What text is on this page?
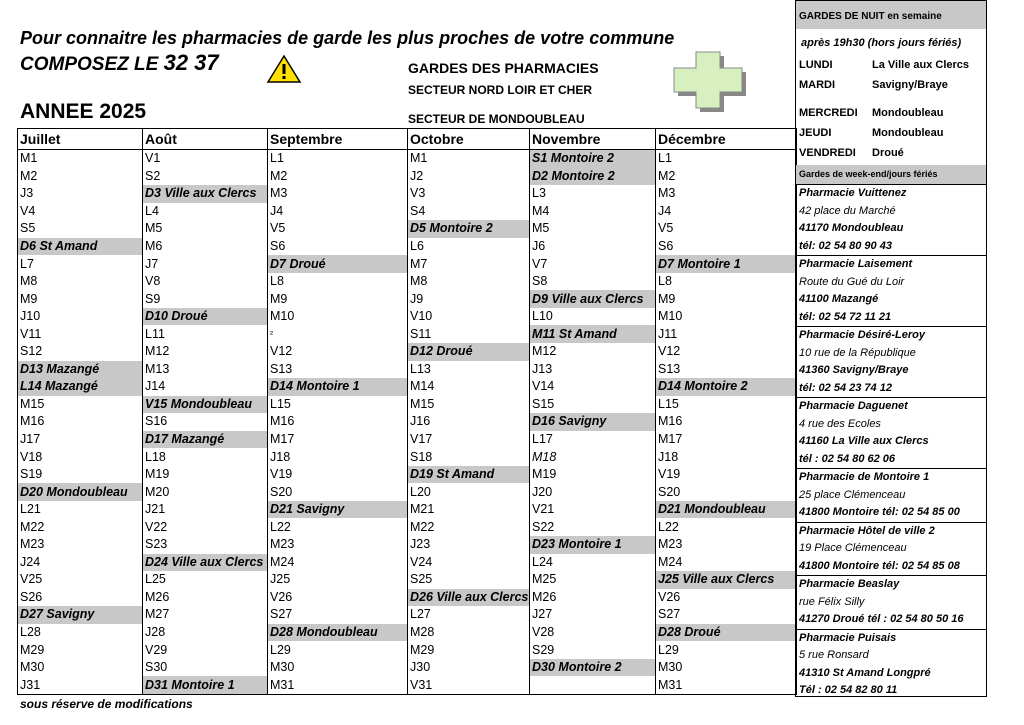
Pour connaitre les pharmacies de garde les plus proches de votre commune
COMPOSEZ LE 32 37	GARDES DES PHARMACIES
SECTEUR NORD LOIR ET CHER
SECTEUR DE MONDOUBLEAU
ANNEE 2025
Juillet	Août	Septembre	Octobre	Novembre	Décembre
M1	V1	L1	M1	S1 Montoire 2	L1
M2	S2	M2	J2	D2 Montoire 2	M2
J3	D3 Ville aux Clercs	M3	V3	L3	M3
V4	L4	J4	S4	M4	J4
S5	M5	V5	D5 Montoire 2	M5	V5
D6 St Amand	M6	S6	L6	J6	S6
L7	J7	D7 Droué	M7	V7	D7 Montoire 1
M8	V8	L8	M8	S8	L8
M9	S9	M9	J9	D9 Ville aux Clercs	M9
J10	D10 Droué	M10	V10	L10	M10
V11	L11	²	S11	M11 St Amand	J11
S12	M12	V12	D12 Droué	M12	V12
D13 Mazangé	M13	S13	L13	J13	S13
L14 Mazangé	J14	D14 Montoire 1	M14	V14	D14 Montoire 2
M15	V15 Mondoubleau	L15	M15	S15	L15
M16	S16	M16	J16	D16 Savigny	M16
J17	D17 Mazangé	M17	V17	L17	M17
V18	L18	J18	S18	M18	J18
S19	M19	V19	D19 St Amand	M19	V19
D20 Mondoubleau	M20	S20	L20	J20	S20
L21	J21	D21 Savigny	M21	V21	D21 Mondoubleau
M22	V22	L22	M22	S22	L22
M23	S23	M23	J23	D23 Montoire 1	M23
J24	D24 Ville aux Clercs	M24	V24	L24	M24
V25	L25	J25	S25	M25	J25 Ville aux Clercs
S26	M26	V26	D26 Ville aux Clercs	M26	V26
D27 Savigny	M27	S27	L27	J27	S27
L28	J28	D28 Mondoubleau	M28	V28	D28 Droué
M29	V29	L29	M29	S29	L29
M30	S30	M30	J30	D30 Montoire 2	M30
J31	D31 Montoire 1	M31	V31		M31
GARDES DE NUIT en semaine
après 19h30 (hors jours fériés)
LUNDI	La Ville aux Clercs
MARDI	Savigny/Braye
MERCREDI	Mondoubleau
JEUDI	Mondoubleau
VENDREDI	Droué
Gardes de week-end/jours fériés
Pharmacie Vuittenez
42 place du Marché
41170 Mondoubleau
tél: 02 54 80 90 43
Pharmacie Laisement
Route du Gué du Loir
41100 Mazangé
tél: 02 54 72 11 21
Pharmacie Désiré-Leroy
10 rue de la République
41360 Savigny/Braye
tél: 02 54 23 74 12
Pharmacie Daguenet
4 rue des Ecoles
41160 La Ville aux Clercs
tél : 02 54 80 62 06
Pharmacie de Montoire 1
25 place Clémenceau
41800 Montoire tél: 02 54 85 00
Pharmacie Hôtel de ville 2
19 Place Clémenceau
41800 Montoire tél: 02 54 85 08
Pharmacie Beaslay
rue Félix Silly
41270 Droué tél : 02 54 80 50 16
Pharmacie Puisais
5 rue Ronsard
41310 St Amand Longpré
Tél : 02 54 82 80 11
sous réserve de modifications
